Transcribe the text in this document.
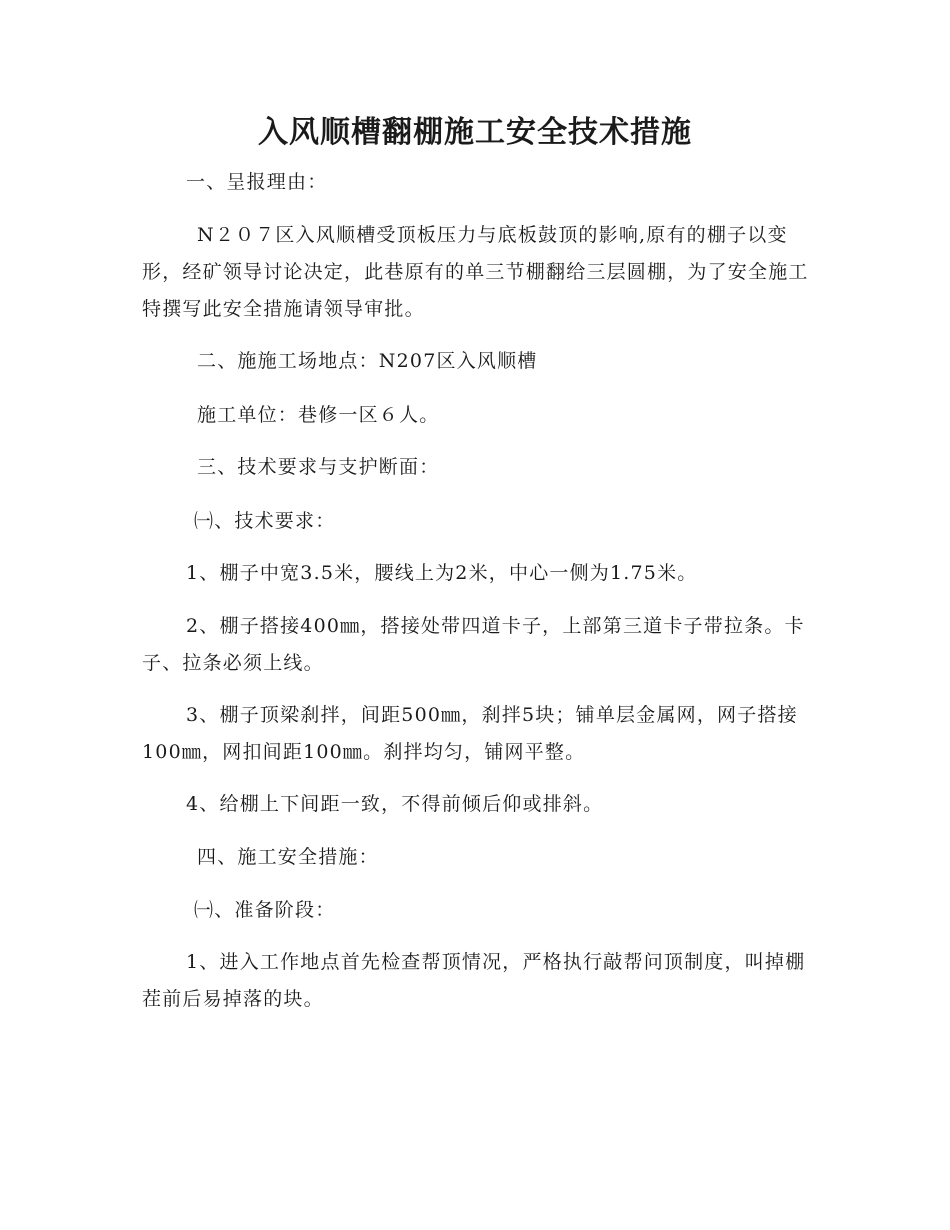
入风顺槽翻棚施工安全技术措施

一、呈报理由：

N２０７区入风顺槽受顶板压力与底板鼓顶的影响,原有的棚子以变形，经矿领导讨论决定，此巷原有的单三节棚翻给三层圆棚，为了安全施工特撰写此安全措施请领导审批。

二、施施工场地点：N207区入风顺槽

施工单位：巷修一区６人。

三、技术要求与支护断面：

㈠、技术要求：

1、棚子中宽3.5米，腰线上为2米，中心一侧为1.75米。

2、棚子搭接400㎜，搭接处带四道卡子，上部第三道卡子带拉条。卡子、拉条必须上线。

3、棚子顶梁刹拌，间距500㎜，刹拌5块；铺单层金属网，网子搭接100㎜，网扣间距100㎜。刹拌均匀，铺网平整。

4、给棚上下间距一致，不得前倾后仰或排斜。

四、施工安全措施：

㈠、准备阶段：

1、进入工作地点首先检查帮顶情况，严格执行敲帮问顶制度，叫掉棚茬前后易掉落的块。
